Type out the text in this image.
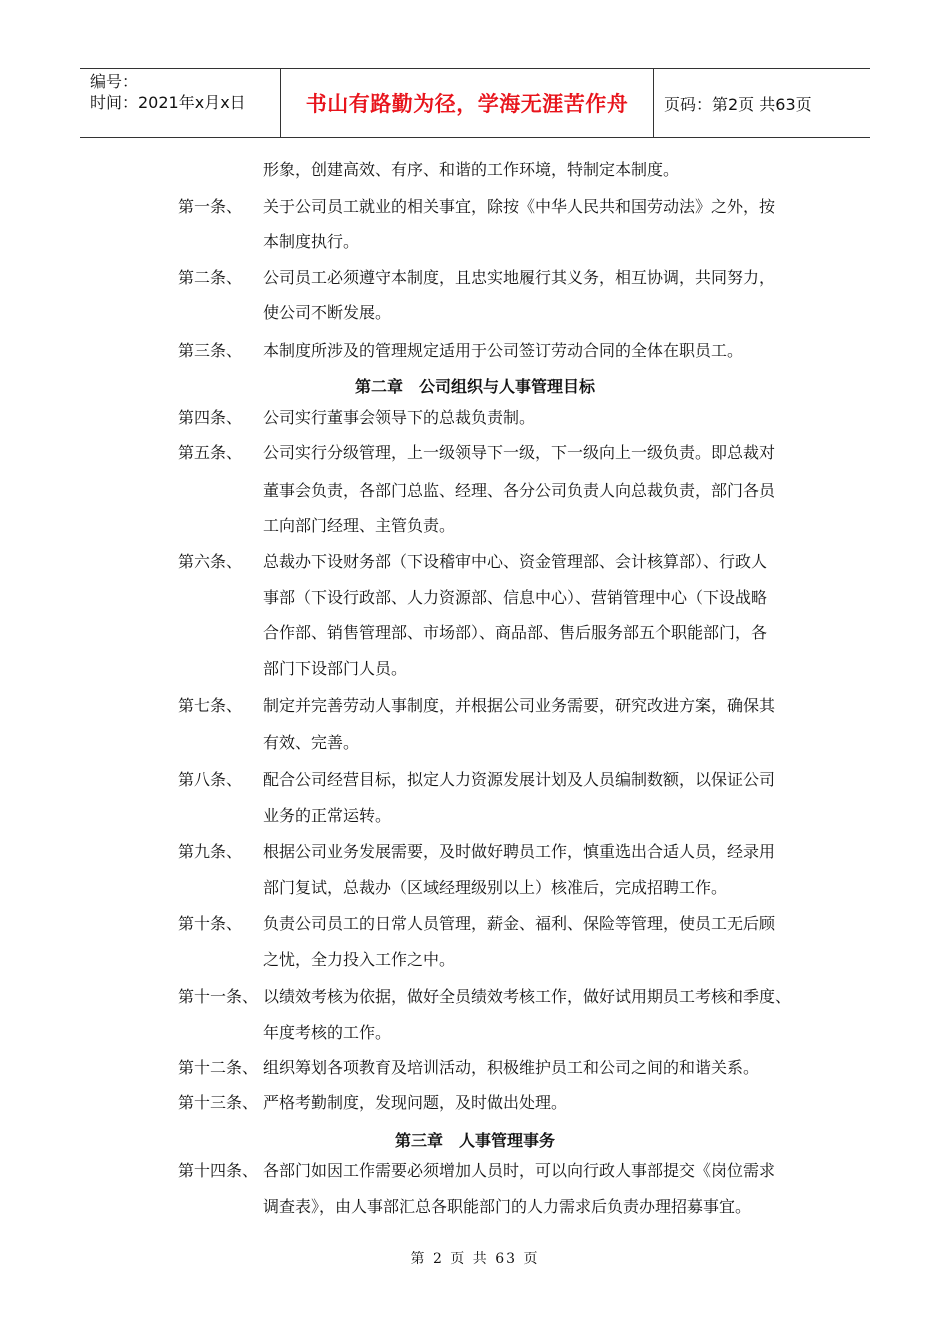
编号：
时间：2021年x月x日	书山有路勤为径，学海无涯苦作舟	页码：第2页 共63页
形象，创建高效、有序、和谐的工作环境，特制定本制度。
第一条、 关于公司员工就业的相关事宜，除按《中华人民共和国劳动法》之外，按
本制度执行。
第二条、 公司员工必须遵守本制度，且忠实地履行其义务，相互协调，共同努力，
使公司不断发展。
第三条、 本制度所涉及的管理规定适用于公司签订劳动合同的全体在职员工。
第二章　公司组织与人事管理目标
第四条、 公司实行董事会领导下的总裁负责制。
第五条、 公司实行分级管理，上一级领导下一级，下一级向上一级负责。即总裁对
董事会负责，各部门总监、经理、各分公司负责人向总裁负责，部门各员
工向部门经理、主管负责。
第六条、 总裁办下设财务部（下设稽审中心、资金管理部、会计核算部）、行政人
事部（下设行政部、人力资源部、信息中心）、营销管理中心（下设战略
合作部、销售管理部、市场部）、商品部、售后服务部五个职能部门，各
部门下设部门人员。
第七条、 制定并完善劳动人事制度，并根据公司业务需要，研究改进方案，确保其
有效、完善。
第八条、 配合公司经营目标，拟定人力资源发展计划及人员编制数额，以保证公司
业务的正常运转。
第九条、 根据公司业务发展需要，及时做好聘员工作，慎重选出合适人员，经录用
部门复试，总裁办（区域经理级别以上）核准后，完成招聘工作。
第十条、 负责公司员工的日常人员管理，薪金、福利、保险等管理，使员工无后顾
之忧，全力投入工作之中。
第十一条、 以绩效考核为依据，做好全员绩效考核工作，做好试用期员工考核和季度、
年度考核的工作。
第十二条、 组织筹划各项教育及培训活动，积极维护员工和公司之间的和谐关系。
第十三条、 严格考勤制度，发现问题，及时做出处理。
第三章　人事管理事务
第十四条、 各部门如因工作需要必须增加人员时，可以向行政人事部提交《岗位需求
调查表》，由人事部汇总各职能部门的人力需求后负责办理招募事宜。
第 2 页 共 63 页
